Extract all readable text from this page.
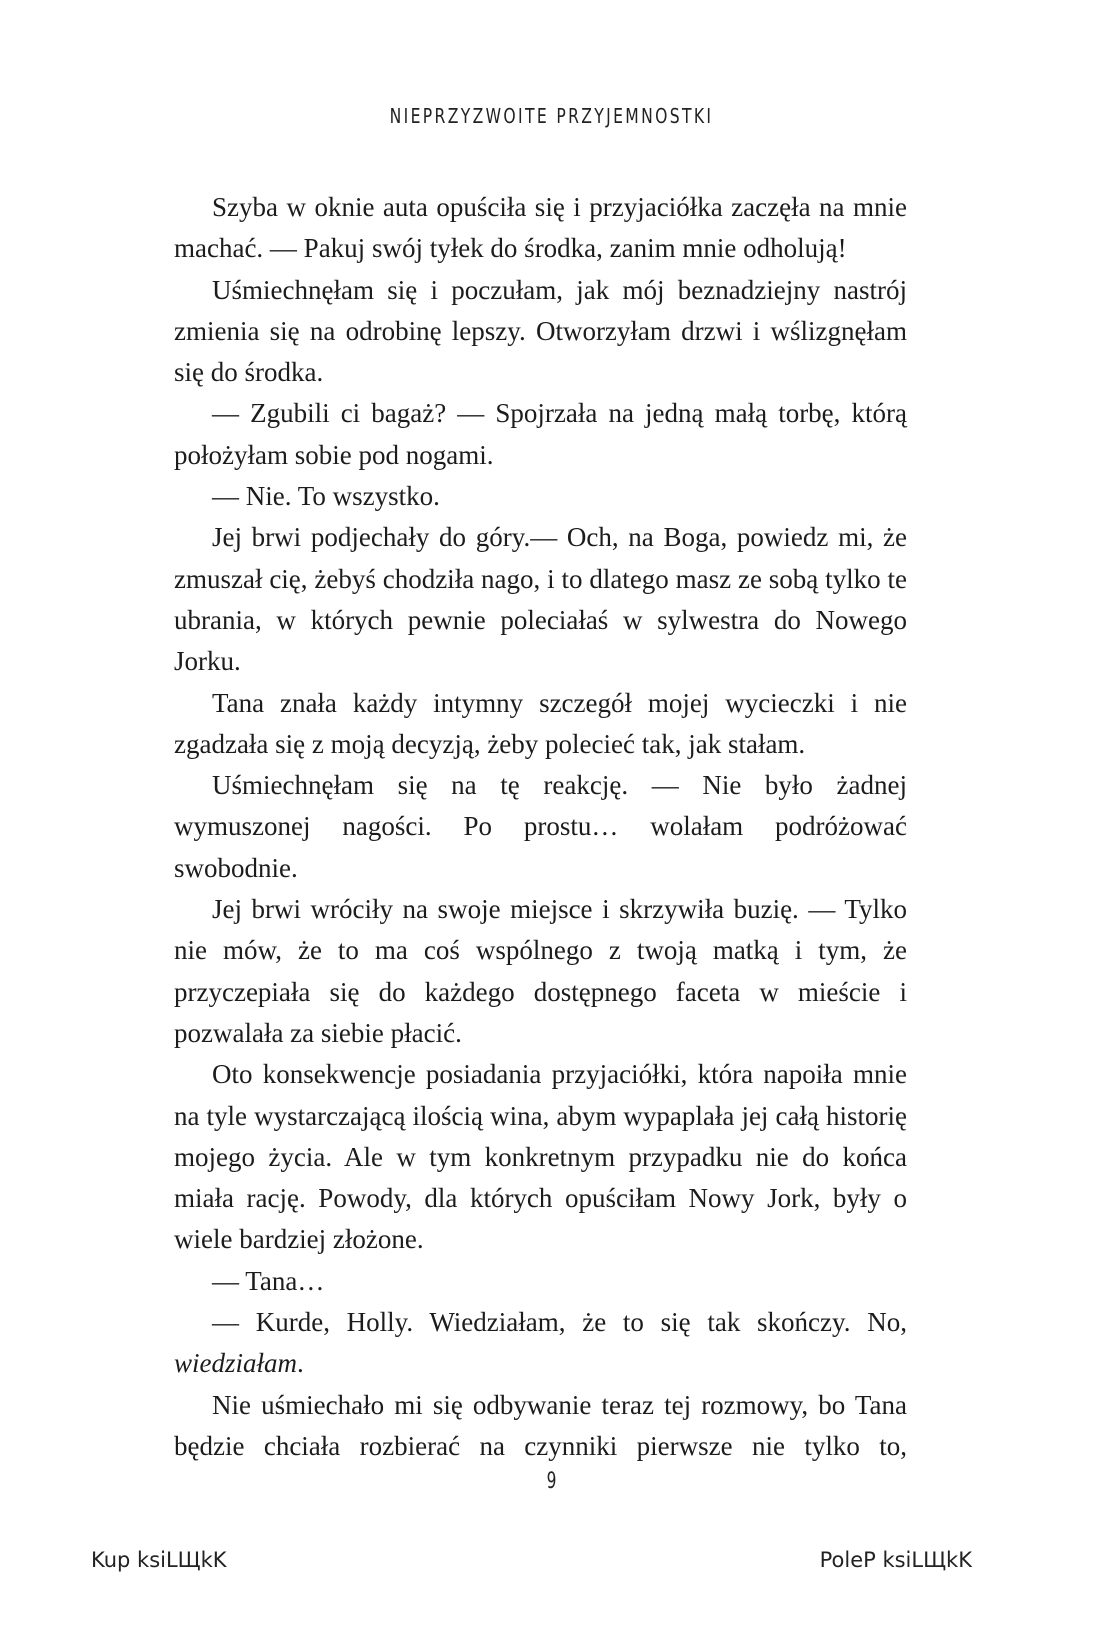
NIEPRZYZWOITE PRZYJEMNOSTKI

Szyba w oknie auta opuściła się i przyjaciółka zaczęła na mnie machać. — Pakuj swój tyłek do środka, zanim mnie odholują!

Uśmiechnęłam się i poczułam, jak mój beznadziejny nastrój zmienia się na odrobinę lepszy. Otworzyłam drzwi i wślizgnęłam się do środka.

— Zgubili ci bagaż? — Spojrzała na jedną małą torbę, którą położyłam sobie pod nogami.

— Nie. To wszystko.

Jej brwi podjechały do góry.— Och, na Boga, powiedz mi, że zmuszał cię, żebyś chodziła nago, i to dlatego masz ze sobą tylko te ubrania, w których pewnie poleciałaś w sylwestra do Nowego Jorku.

Tana znała każdy intymny szczegół mojej wycieczki i nie zgadzała się z moją decyzją, żeby polecieć tak, jak stałam.

Uśmiechnęłam się na tę reakcję. — Nie było żadnej wymuszonej nagości. Po prostu… wolałam podróżować swobodnie.

Jej brwi wróciły na swoje miejsce i skrzywiła buzię. — Tylko nie mów, że to ma coś wspólnego z twoją matką i tym, że przyczepiała się do każdego dostępnego faceta w mieście i pozwalała za siebie płacić.

Oto konsekwencje posiadania przyjaciółki, która napoiła mnie na tyle wystarczającą ilością wina, abym wypaplała jej całą historię mojego życia. Ale w tym konkretnym przypadku nie do końca miała rację. Powody, dla których opuściłam Nowy Jork, były o wiele bardziej złożone.

— Tana…

— Kurde, Holly. Wiedziałam, że to się tak skończy. No, wiedziałam.

Nie uśmiechało mi się odbywanie teraz tej rozmowy, bo Tana będzie chciała rozbierać na czynniki pierwsze nie tylko to,

9
Kup ksiLЩkK	PoleP ksiLЩkK
